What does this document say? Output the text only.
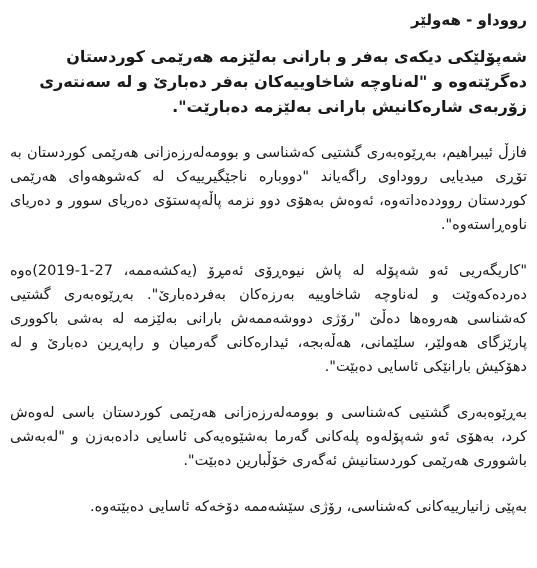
رووداو - هەولێر
شەپۆلێکی دیکەی بەفر و بارانی بەلێزمە هەرێمی کوردستان دەگرێتەوە و "لەناوچە شاخاوییەکان بەفر دەبارێ و لە سەنتەری زۆربەی شارەکانیش بارانی بەلێزمە دەبارێت".

فازڵ ئیبراهیم، بەڕێوەبەری گشتیی کەشناسی و بوومەلەرزەزانی هەرێمی کوردستان بە تۆڕی میدیایی رووداوی راگەیاند "دووبارە ناجێگیرییەک لە کەشوهەوای هەرێمی کوردستان رووددەداتەوە، ئەوەش بەهۆی دوو نزمە پاڵەپەستۆی دەریای سوور و دەریای ناوەڕاستەوە".

"کاریگەریی ئەو شەپۆلە لە پاش نیوەڕۆی ئەمڕۆ (یەکشەممە، 27-1-2019)ەوە دەردەکەوێت و لەناوچە شاخاوییە بەرزەکان بەفردەبارێ". بەڕێوەبەری گشتیی کەشناسی هەروەها دەڵێ "رۆژی دووشەممەش بارانی بەلێزمە لە بەشی باکووری پارێزگای هەولێر، سلێمانی، هەڵەبجە، ئیدارەکانی گەرمیان و راپەڕین دەبارێ و لە دهۆکیش بارانێکی ئاسایی دەبێت".

بەڕێوەبەری گشتیی کەشناسی و بوومەلەرزەزانی هەرێمی کوردستان باسی لەوەش کرد، بەهۆی ئەو شەپۆلەوە پلەکانی گەرما بەشێوەیەکی ئاسایی دادەبەزن و "لەبەشی باشووری هەرێمی کوردستانیش ئەگەری خۆڵبارین دەبێت".

بەپێی زانیارییەکانی کەشناسی، رۆژی سێشەممە دۆخەکە ئاسایی دەبێتەوە.
